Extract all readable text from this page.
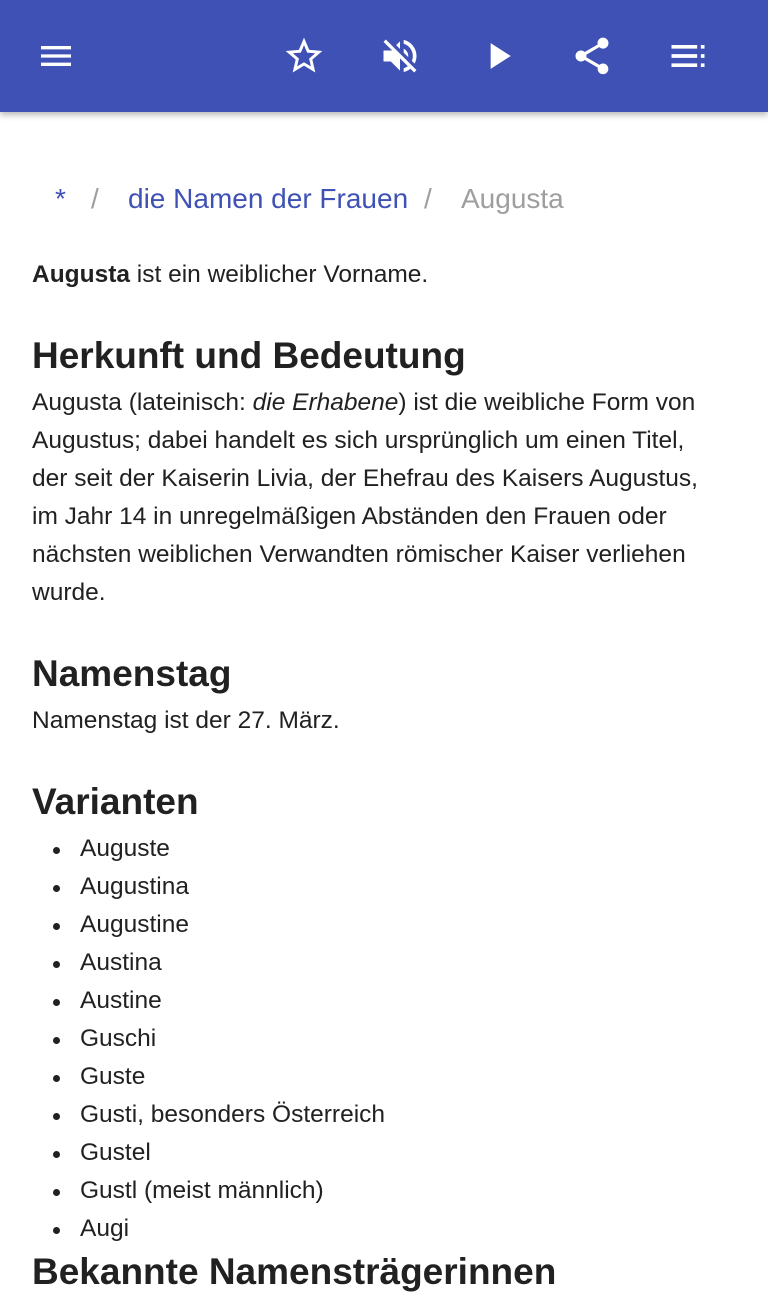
* / die Namen der Frauen / Augusta
Augusta ist ein weiblicher Vorname.
Herkunft und Bedeutung
Augusta (lateinisch: die Erhabene) ist die weibliche Form von
Augustus; dabei handelt es sich ursprünglich um einen Titel,
der seit der Kaiserin Livia, der Ehefrau des Kaisers Augustus,
im Jahr 14 in unregelmäßigen Abständen den Frauen oder
nächsten weiblichen Verwandten römischer Kaiser verliehen
wurde.
Namenstag
Namenstag ist der 27. März.
Varianten
Auguste
Augustina
Augustine
Austina
Austine
Guschi
Guste
Gusti, besonders Österreich
Gustel
Gustl (meist männlich)
Augi
Bekannte Namensträgerinnen
